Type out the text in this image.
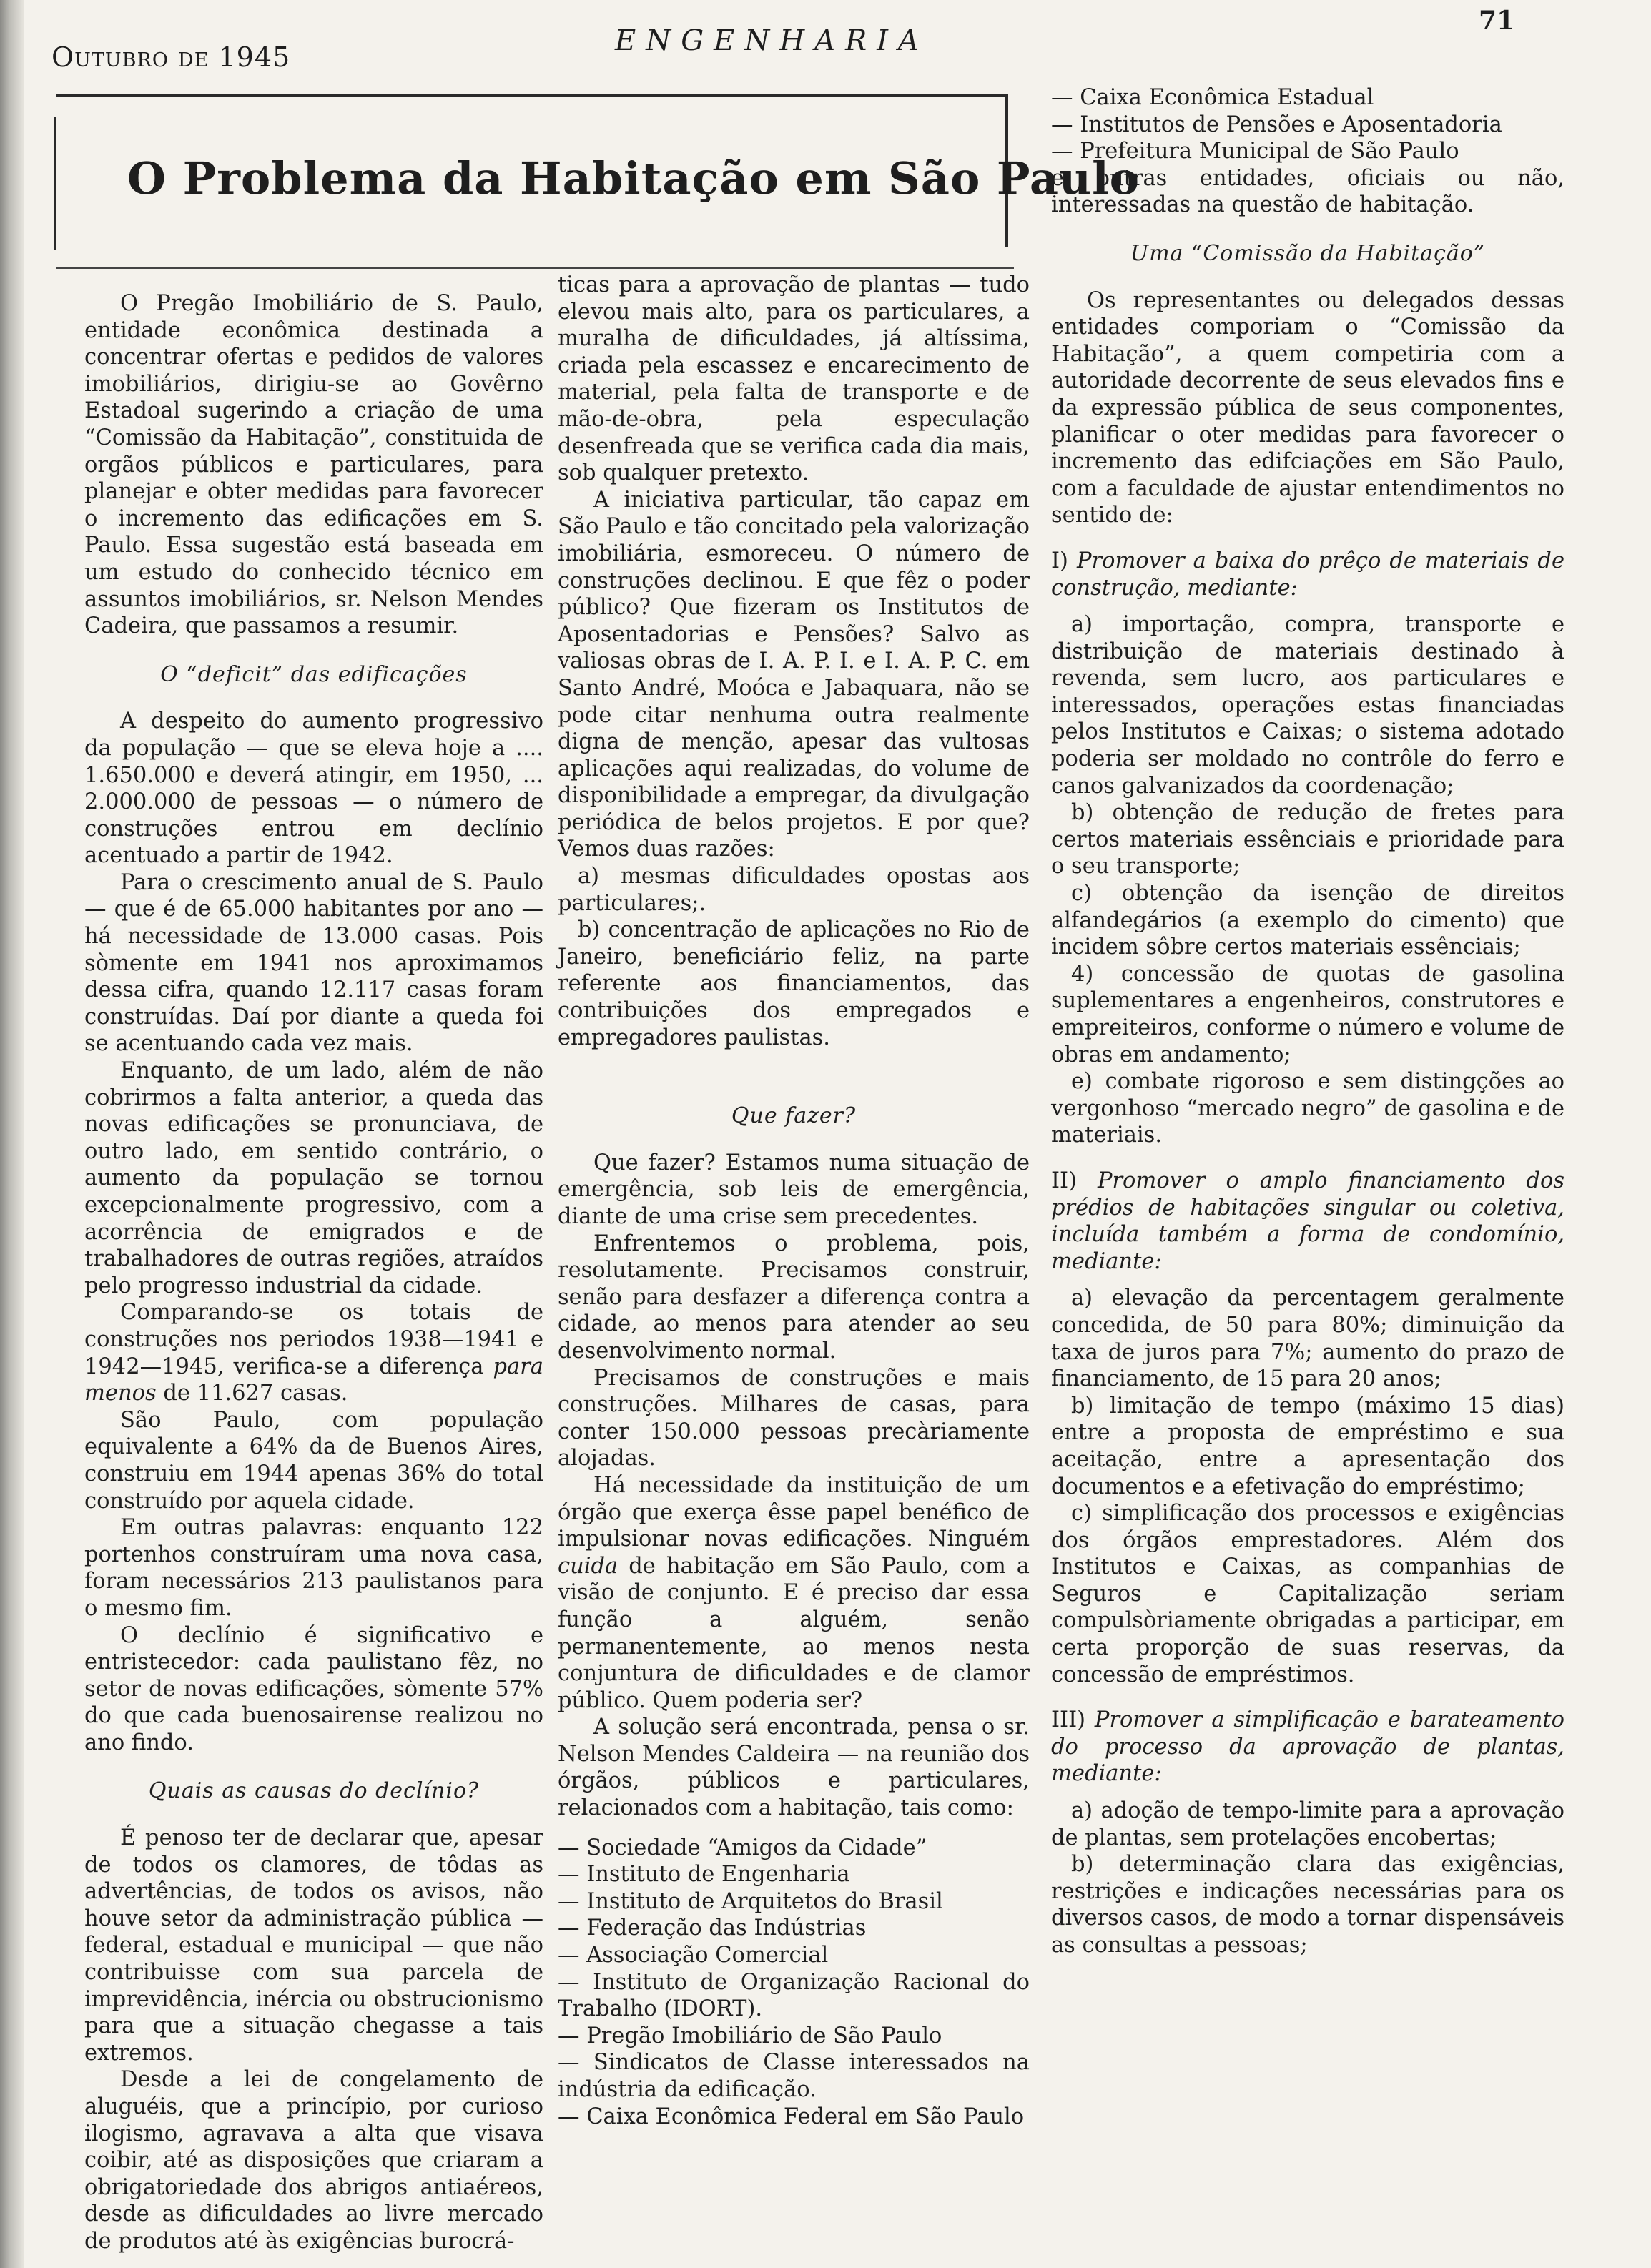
Outubro de 1945	ENGENHARIA
71
O Problema da Habitação em São Paulo

O Pregão Imobiliário de S. Paulo, entidade econômica destinada a concentrar ofertas e pedidos de valores imobiliários, dirigiu-se ao Govêrno Estadoal sugerindo a criação de uma “Comissão da Habitação”, constituida de orgãos públicos e particulares, para planejar e obter medidas para favorecer o incremento das edificações em S. Paulo. Essa sugestão está baseada em um estudo do conhecido técnico em assuntos imobiliários, sr. Nelson Mendes Cadeira, que passamos a resumir.

O “deficit” das edificações

A despeito do aumento progressivo da população — que se eleva hoje a .... 1.650.000 e deverá atingir, em 1950, ... 2.000.000 de pessoas — o número de construções entrou em declínio acentuado a partir de 1942.

Para o crescimento anual de S. Paulo — que é de 65.000 habitantes por ano — há necessidade de 13.000 casas. Pois sòmente em 1941 nos aproximamos dessa cifra, quando 12.117 casas foram construídas. Daí por diante a queda foi se acentuando cada vez mais.

Enquanto, de um lado, além de não cobrirmos a falta anterior, a queda das novas edificações se pronunciava, de outro lado, em sentido contrário, o aumento da população se tornou excepcionalmente progressivo, com a acorrência de emigrados e de trabalhadores de outras regiões, atraídos pelo progresso industrial da cidade.

Comparando-se os totais de construções nos periodos 1938—1941 e 1942—1945, verifica-se a diferença para menos de 11.627 casas.

São Paulo, com população equivalente a 64% da de Buenos Aires, construiu em 1944 apenas 36% do total construído por aquela cidade.

Em outras palavras: enquanto 122 portenhos construíram uma nova casa, foram necessários 213 paulistanos para o mesmo fim.

O declínio é significativo e entristecedor: cada paulistano fêz, no setor de novas edificações, sòmente 57% do que cada buenosairense realizou no ano findo.

Quais as causas do declínio?

É penoso ter de declarar que, apesar de todos os clamores, de tôdas as advertências, de todos os avisos, não houve setor da administração pública — federal, estadual e municipal — que não contribuisse com sua parcela de imprevidência, inércia ou obstrucionismo para que a situação chegasse a tais extremos.

Desde a lei de congelamento de aluguéis, que a princípio, por curioso ilogismo, agravava a alta que visava coibir, até as disposições que criaram a obrigatoriedade dos abrigos antiaéreos, desde as dificuldades ao livre mercado de produtos até às exigências burocrá-

ticas para a aprovação de plantas — tudo elevou mais alto, para os particulares, a muralha de dificuldades, já altíssima, criada pela escassez e encarecimento de material, pela falta de transporte e de mão-de-obra, pela especulação desenfreada que se verifica cada dia mais, sob qualquer pretexto.

A iniciativa particular, tão capaz em São Paulo e tão concitado pela valorização imobiliária, esmoreceu. O número de construções declinou. E que fêz o poder público? Que fizeram os Institutos de Aposentadorias e Pensões? Salvo as valiosas obras de I. A. P. I. e I. A. P. C. em Santo André, Moóca e Jabaquara, não se pode citar nenhuma outra realmente digna de menção, apesar das vultosas aplicações aqui realizadas, do volume de disponibilidade a empregar, da divulgação periódica de belos projetos. E por que? Vemos duas razões:

a) mesmas dificuldades opostas aos particulares;.

b) concentração de aplicações no Rio de Janeiro, beneficiário feliz, na parte referente aos financiamentos, das contribuições dos empregados e empregadores paulistas.

Que fazer?

Que fazer? Estamos numa situação de emergência, sob leis de emergência, diante de uma crise sem precedentes.

Enfrentemos o problema, pois, resolutamente. Precisamos construir, senão para desfazer a diferença contra a cidade, ao menos para atender ao seu desenvolvimento normal.

Precisamos de construções e mais construções. Milhares de casas, para conter 150.000 pessoas precàriamente alojadas.

Há necessidade da instituição de um órgão que exerça êsse papel benéfico de impulsionar novas edificações. Ninguém cuida de habitação em São Paulo, com a visão de conjunto. E é preciso dar essa função a alguém, senão permanentemente, ao menos nesta conjuntura de dificuldades e de clamor público. Quem poderia ser?

A solução será encontrada, pensa o sr. Nelson Mendes Caldeira — na reunião dos órgãos, públicos e particulares, relacionados com a habitação, tais como:

— Sociedade “Amigos da Cidade”
— Instituto de Engenharia
— Instituto de Arquitetos do Brasil
— Federação das Indústrias
— Associação Comercial
— Instituto de Organização Racional do Trabalho (IDORT).
— Pregão Imobiliário de São Paulo
— Sindicatos de Classe interessados na indústria da edificação.
— Caixa Econômica Federal em São Paulo
— Caixa Econômica Estadual
— Institutos de Pensões e Aposentadoria
— Prefeitura Municipal de São Paulo

e outras entidades, oficiais ou não, interessadas na questão de habitação.

Uma “Comissão da Habitação”

Os representantes ou delegados dessas entidades comporiam o “Comissão da Habitação”, a quem competiria com a autoridade decorrente de seus elevados fins e da expressão pública de seus componentes, planificar o oter medidas para favorecer o incremento das edifciações em São Paulo, com a faculdade de ajustar entendimentos no sentido de:

I) Promover a baixa do prêço de materiais de construção, mediante:

a) importação, compra, transporte e distribuição de materiais destinado à revenda, sem lucro, aos particulares e interessados, operações estas financiadas pelos Institutos e Caixas; o sistema adotado poderia ser moldado no contrôle do ferro e canos galvanizados da coordenação;

b) obtenção de redução de fretes para certos materiais essênciais e prioridade para o seu transporte;

c) obtenção da isenção de direitos alfandegários (a exemplo do cimento) que incidem sôbre certos materiais essênciais;

4) concessão de quotas de gasolina suplementares a engenheiros, construtores e empreiteiros, conforme o número e volume de obras em andamento;

e) combate rigoroso e sem distingções ao vergonhoso “mercado negro” de gasolina e de materiais.

II) Promover o amplo financiamento dos prédios de habitações singular ou coletiva, incluída também a forma de condomínio, mediante:

a) elevação da percentagem geralmente concedida, de 50 para 80%; diminuição da taxa de juros para 7%; aumento do prazo de financiamento, de 15 para 20 anos;

b) limitação de tempo (máximo 15 dias) entre a proposta de empréstimo e sua aceitação, entre a apresentação dos documentos e a efetivação do empréstimo;

c) simplificação dos processos e exigências dos órgãos emprestadores. Além dos Institutos e Caixas, as companhias de Seguros e Capitalização seriam compulsòriamente obrigadas a participar, em certa proporção de suas reservas, da concessão de empréstimos.

III) Promover a simplificação e barateamento do processo da aprovação de plantas, mediante:

a) adoção de tempo-limite para a aprovação de plantas, sem protelações encobertas;

b) determinação clara das exigências, restrições e indicações necessárias para os diversos casos, de modo a tornar dispensáveis as consultas a pessoas;
